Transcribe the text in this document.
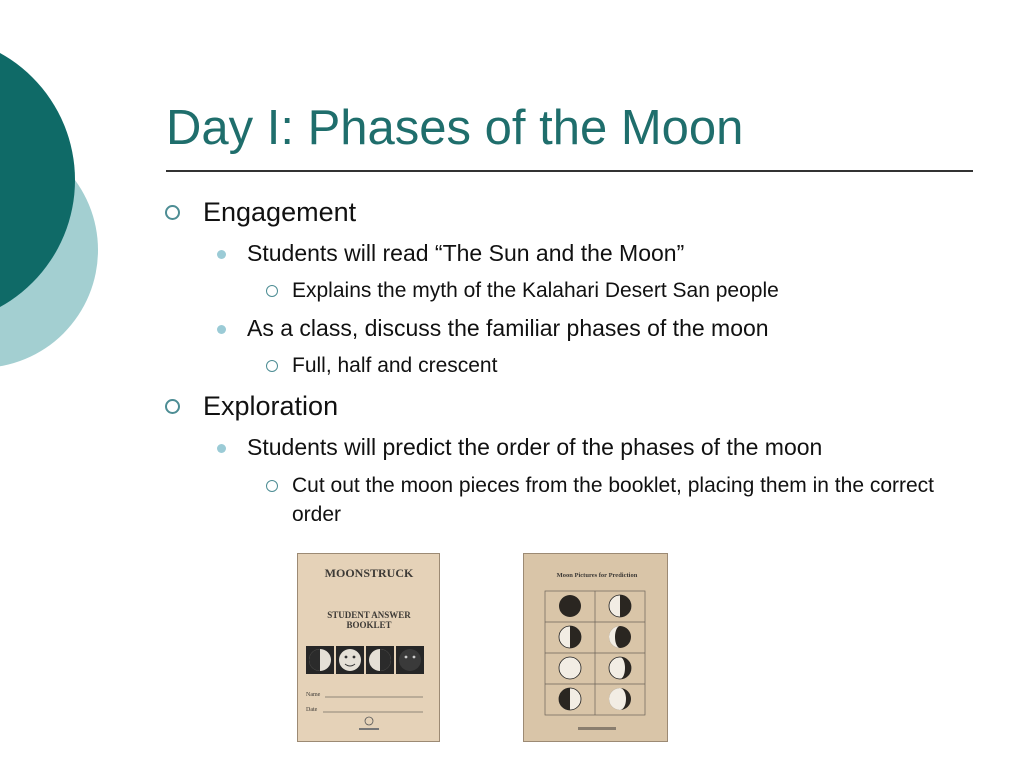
Day I: Phases of the Moon
Engagement
Students will read “The Sun and the Moon”
Explains the myth of the Kalahari Desert San people
As a class, discuss the familiar phases of the moon
Full, half and crescent
Exploration
Students will predict the order of the phases of the moon
Cut out the moon pieces from the booklet, placing them in the correct order
MOONSTRUCK
STUDENT ANSWER
BOOKLET
Name
Date
Moon Pictures for Prediction
